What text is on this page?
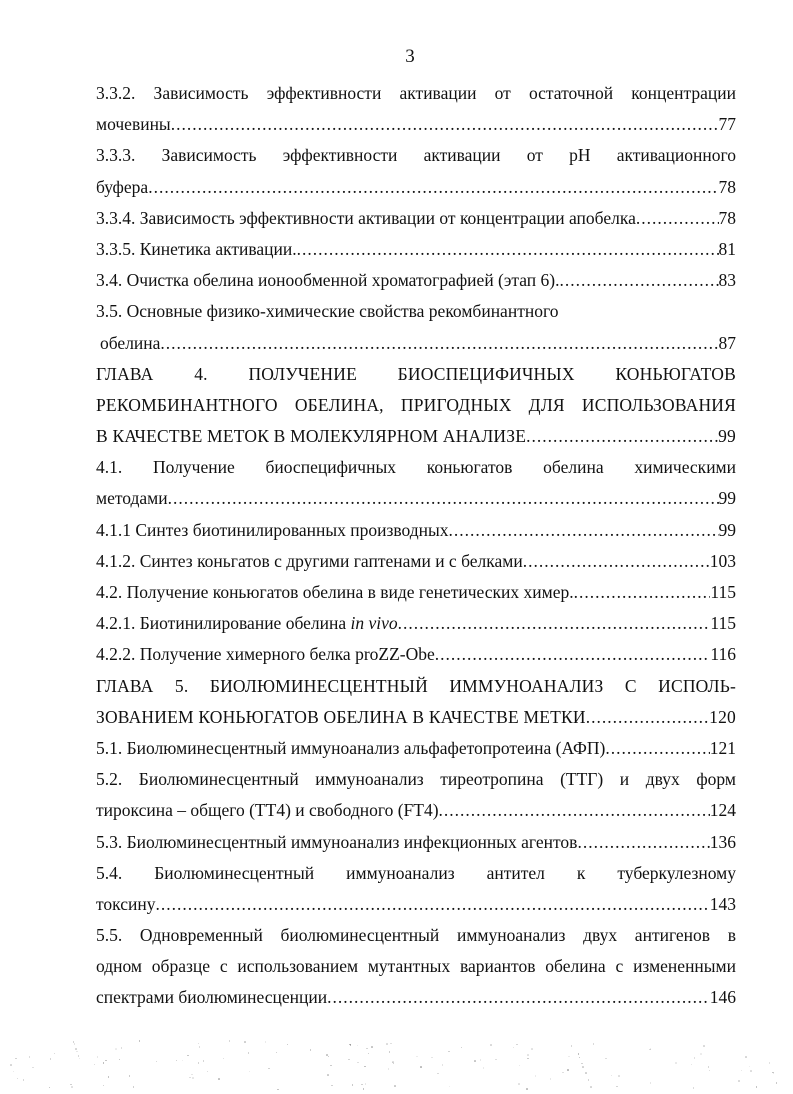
3
3.3.2. Зависимость эффективности активации от остаточной концентрации
мочевины .....	77
3.3.3. Зависимость эффективности активации от рН активационного
буфера .....	78
3.3.4. Зависимость эффективности активации от концентрации апобелка .....	78
3.3.5. Кинетика активации. .....	81
3.4. Очистка обелина ионообменной хроматографией (этап 6). .....	83
3.5. Основные физико-химические свойства рекомбинантного
обелина .....	87
ГЛАВА 4. ПОЛУЧЕНИЕ БИОСПЕЦИФИЧНЫХ КОНЬЮГАТОВ
РЕКОМБИНАНТНОГО ОБЕЛИНА, ПРИГОДНЫХ ДЛЯ ИСПОЛЬЗОВАНИЯ
В КАЧЕСТВЕ МЕТОК В МОЛЕКУЛЯРНОМ АНАЛИЗЕ .....	99
4.1. Получение биоспецифичных коньюгатов обелина химическими
методами .....	99
4.1.1 Синтез биотинилированных производных .....	99
4.1.2. Синтез коньгатов с другими гаптенами и с белками .....	103
4.2. Получение коньюгатов обелина в виде генетических химер. .....	115
4.2.1. Биотинилирование обелина in vivo .....	115
4.2.2. Получение химерного белка proZZ-Obe .....	116
ГЛАВА 5. БИОЛЮМИНЕСЦЕНТНЫЙ ИММУНОАНАЛИЗ С ИСПОЛЬ-
ЗОВАНИЕМ КОНЬЮГАТОВ ОБЕЛИНА В КАЧЕСТВЕ МЕТКИ .....	120
5.1. Биолюминесцентный иммуноанализ альфафетопротеина (АФП) .....	121
5.2. Биолюминесцентный иммуноанализ тиреотропина (ТТГ) и двух форм
тироксина – общего (ТТ4) и свободного (FT4) .....	124
5.3. Биолюминесцентный иммуноанализ инфекционных агентов .....	136
5.4. Биолюминесцентный иммуноанализ антител к туберкулезному
токсину .....	143
5.5. Одновременный биолюминесцентный иммуноанализ двух антигенов в
одном образце с использованием мутантных вариантов обелина с измененными
спектрами биолюминесценции .....	146
